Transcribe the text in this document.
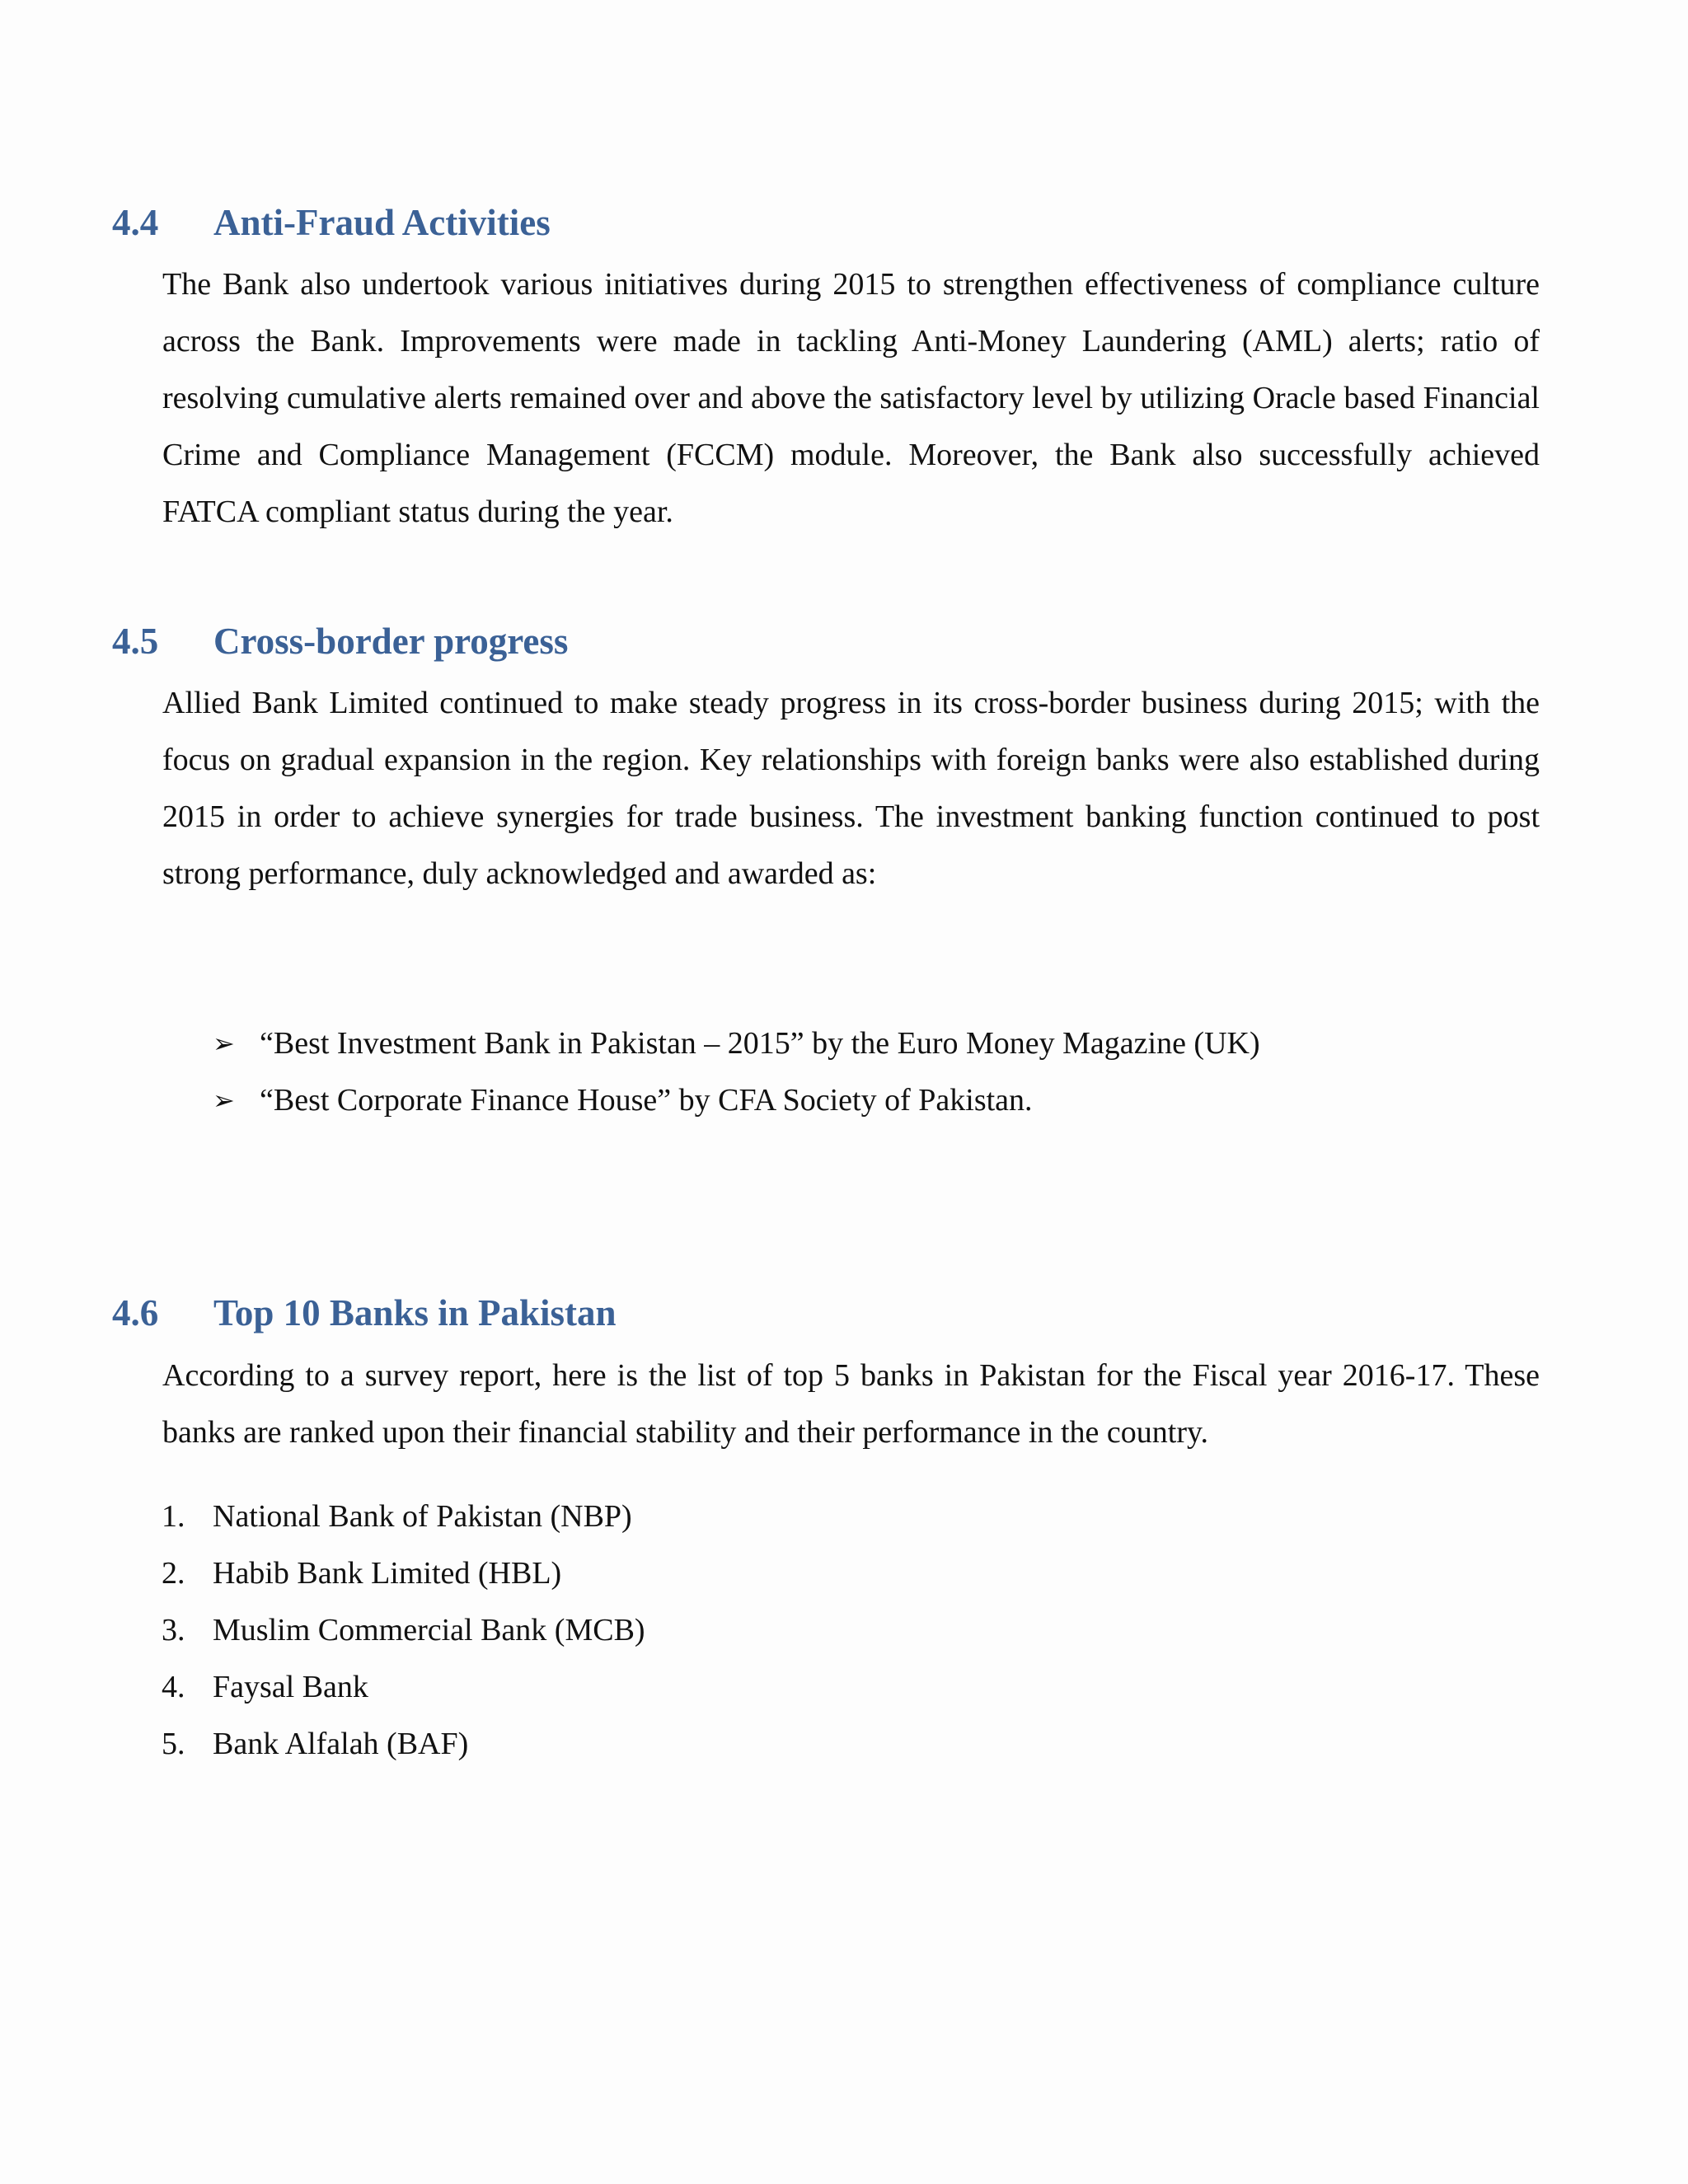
4.4 Anti-Fraud Activities

The Bank also undertook various initiatives during 2015 to strengthen effectiveness of compliance culture across the Bank. Improvements were made in tackling Anti-Money Laundering (AML) alerts; ratio of resolving cumulative alerts remained over and above the satisfactory level by utilizing Oracle based Financial Crime and Compliance Management (FCCM) module. Moreover, the Bank also successfully achieved FATCA compliant status during the year.

4.5 Cross-border progress

Allied Bank Limited continued to make steady progress in its cross-border business during 2015; with the focus on gradual expansion in the region. Key relationships with foreign banks were also established during 2015 in order to achieve synergies for trade business. The investment banking function continued to post strong performance, duly acknowledged and awarded as:

➢ “Best Investment Bank in Pakistan – 2015” by the Euro Money Magazine (UK)
➢ “Best Corporate Finance House” by CFA Society of Pakistan.
4.6 Top 10 Banks in Pakistan

According to a survey report, here is the list of top 5 banks in Pakistan for the Fiscal year 2016-17. These banks are ranked upon their financial stability and their performance in the country.

1. National Bank of Pakistan (NBP)
2. Habib Bank Limited (HBL)
3. Muslim Commercial Bank (MCB)
4. Faysal Bank
5. Bank Alfalah (BAF)
